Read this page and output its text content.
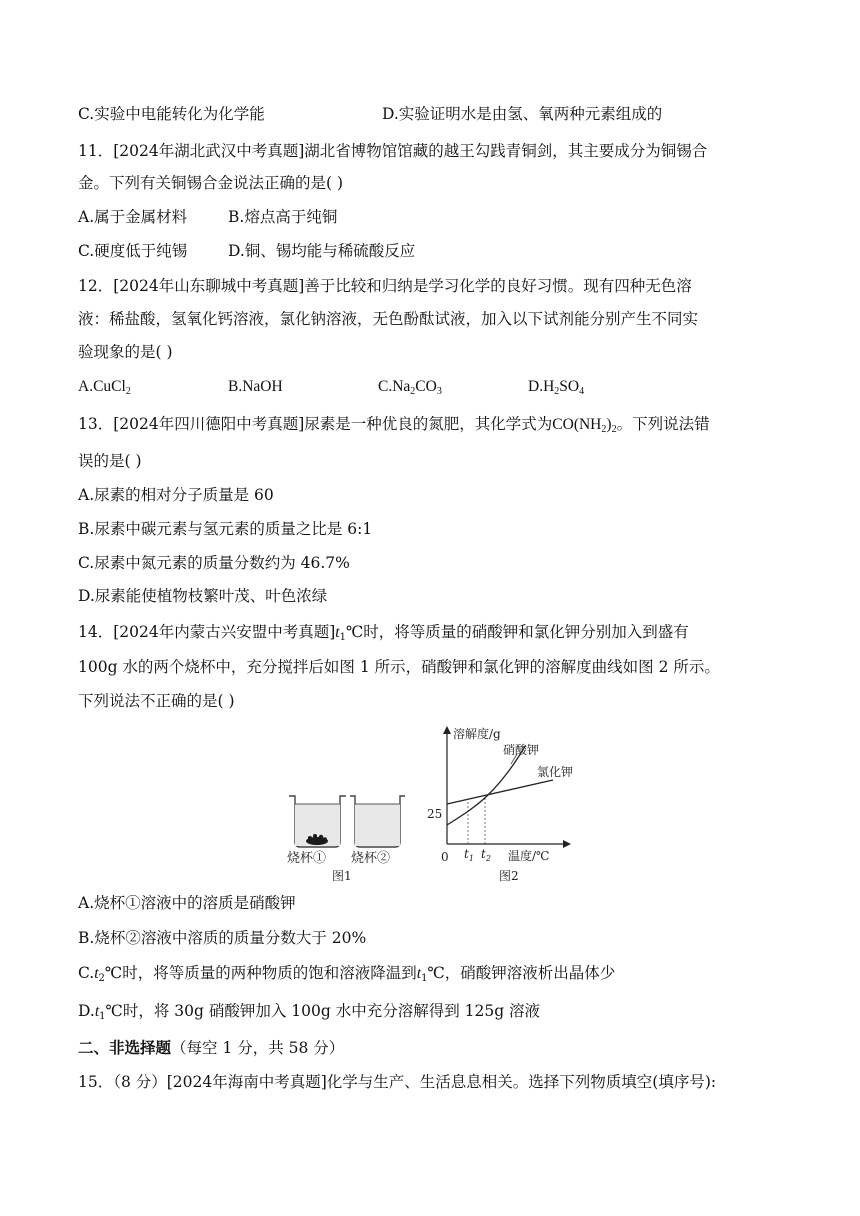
C.实验中电能转化为化学能	D.实验证明水是由氢、氧两种元素组成的
11．[2024年湖北武汉中考真题]湖北省博物馆馆藏的越王勾践青铜剑，其主要成分为铜锡合
金。下列有关铜锡合金说法正确的是( )
A.属于金属材料	B.熔点高于纯铜
C.硬度低于纯锡	D.铜、锡均能与稀硫酸反应
12．[2024年山东聊城中考真题]善于比较和归纳是学习化学的良好习惯。现有四种无色溶
液：稀盐酸，氢氧化钙溶液，氯化钠溶液，无色酚酞试液，加入以下试剂能分别产生不同实
验现象的是( )
A.CuCl$_2$	B.NaOH	$C.Na_2CO_3$	$D.H_2SO_4$
13．[2024年四川德阳中考真题]尿素是一种优良的氮肥，其化学式为$CO(NH_2)_2$。下列说法错
误的是( )
A.尿素的相对分子质量是 60
B.尿素中碳元素与氢元素的质量之比是 6:1
C.尿素中氮元素的质量分数约为 46.7%
D.尿素能使植物枝繁叶茂、叶色浓绿
14．[2024年内蒙古兴安盟中考真题]$t_1℃$时，将等质量的硝酸钾和氯化钾分别加入到盛有
100g 水的两个烧杯中，充分搅拌后如图 1 所示，硝酸钾和氯化钾的溶解度曲线如图 2 所示。
下列说法不正确的是( )
烧杯① 烧杯②
图1
溶解度/g
温度/℃
0
25
$t_1$ $t_2$
硝酸钾
氯化钾
图2
A.烧杯①溶液中的溶质是硝酸钾
B.烧杯②溶液中溶质的质量分数大于 20%
$C.t_2℃$时，将等质量的两种物质的饱和溶液降温到$t_1℃$，硝酸钾溶液析出晶体少
$D.t_1℃$时，将 30g 硝酸钾加入 100g 水中充分溶解得到 125g 溶液
二、非选择题（每空 1 分，共 58 分）
15．（8 分）[2024年海南中考真题]化学与生产、生活息息相关。选择下列物质填空(填序号):
